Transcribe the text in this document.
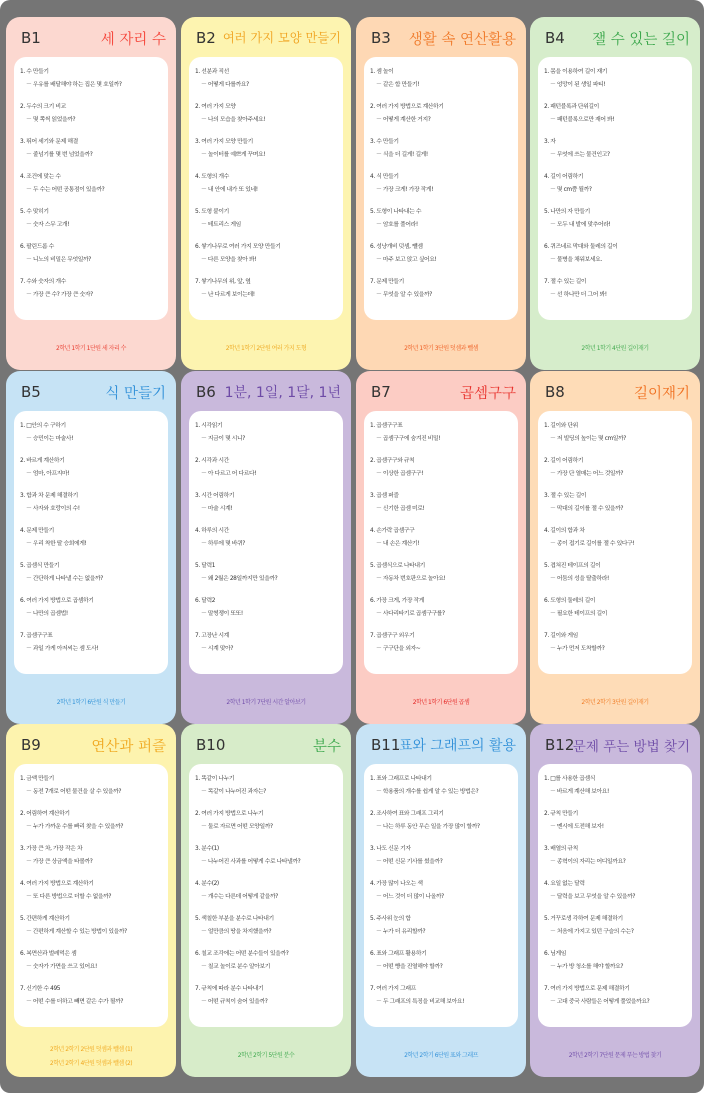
B1	세 자리 수
1. 수 만들기
－ 우유를 배달해야 하는 집은 몇 호일까?
2. 두수의 크기 비교
－ 몇 쪽씩 읽었을까?
3. 뛰어 세기와 문제 해결
－ 줄넘기를 몇 번 넘었을까?
4. 조건에 맞는 수
－ 두 수는 어떤 공통점이 있을까?
5. 수 맞히기
－ 숫자 스무 고개!
6. 팔린드롬 수
－ 니노의 비밀은 무엇일까?
7. 수와 숫자의 개수
－ 가장 큰 수? 가장 큰 숫자?
2학년 1학기 1단원 세 자리 수
B2 여러 가지 모양 만들기
1. 선분과 직선
－ 어떻게 다를까요?
2. 여러 가지 모양
－ 나의 모습을 찾아주세요!
3. 여러 가지 모양 만들기
－ 놀이터를 예쁘게 꾸며요!
4. 도형의 개수
－ 내 안에 내가 또 있네!
5. 도형 붙이기
－ 테트리스 게임
6. 쌓기나무로 여러 가지 모양 만들기
－ 다른 모양을 찾아 봐!
7. 쌓기나무의 위, 앞, 옆
－ 난 다르게 보이는데!
2학년 1학기 2단원 여러 가지 도형
B3 생활 속 연산활용
1. 셈 놀이
－ 같은 합 만들기!
2. 여러 가지 방법으로 계산하기
－ 어떻게 계산한 거지?
3. 수 만들기
－ 식을 더 길게! 길게!
4. 식 만들기
－ 가장 크게! 가장 작게!
5. 도형이 나타내는 수
－ 암호를 풀어라!
6. 성냥개비 덧셈, 뺄셈
－ 마주 보고 앉고 싶어요!
7. 문제 만들기
－ 무엇을 알 수 있을까?
2학년 1학기 3단원 덧셈과 뺄셈
B4 잴 수 있는 길이
1. 몸을 이용하여 길이 재기
－ 엉망이 된 생일 파티!
2. 패턴블록과 단위길이
－ 패턴블록으로만 재어 봐!
3. 자
－ 무엇에 쓰는 물건인고?
4. 길이 어림하기
－ 몇 cm쯤 될까?
5. 나만의 자 만들기
－ 모두 내 발에 맞추어라!
6. 퀴즈네르 막대와 둘레의 길이
－ 물병을 채워보세요.
7. 잴 수 있는 길이
－ 선 하나만 더 그어 봐!
2학년 1학기 4단원 길이재기
B5	식 만들기
1. □안의 수 구하기
－ 승민이는 마술사!
2. 바르게 계산하기
－ 엄마, 아프지마!
3. 합과 차 문제 해결하기
－ 사자와 호랑이의 수!
4. 문제 만들기
－ 우리 착한 딸 승희에게!
5. 곱셈식 만들기
－ 간단하게 나타낼 수는 없을까?
6. 여러 가지 방법으로 곱셈하기
－ 나만의 곱셈법!
7. 곱셈구구표
－ 과일 가게 아저씨는 셈 도사!
2학년 1학기 6단원 식 만들기
B6 1분, 1일, 1달, 1년
1. 시각읽기
－ 지금이 몇 시니?
2. 시각과 시간
－ 아 다르고 어 다르다!
3. 시간 어림하기
－ 마술 시계!
4. 하루의 시간
－ 하루에 몇 바퀴?
5. 달력1
－ 왜 2월은 28일까지만 있을까?
6. 달력2
－ 말썽쟁이 또또!
7. 고장난 시계
－ 시계 맞아?
2학년 1학기 7단원 시간 알아보기
B7	곱셈구구
1. 곱셈구구표
－ 곱셈구구에 숨겨진 비밀!
2. 곱셈구구와 규칙
－ 이상한 곱셈구구!
3. 곱셈 퍼즐
－ 신기한 곱셈 미로!
4. 손가락 곱셈구구
－ 내 손은 계산기!
5. 곱셈식으로 나타내기
－ 자동차 번호판으로 놀아요!
6. 가장 크게, 가장 작게
－ 사다리타기로 곱셈구구를?
7. 곱셈구구 외우기
－ 구구단을 외자~
2학년 1학기 6단원 곱셈
B8	길이재기
1. 길이와 단위
－ 저 빌딩의 높이는 몇 cm일까?
2. 길이 어림하기
－ 가장 단 열매는 어느 것일까?
3. 잴 수 있는 길이
－ 막대의 길이를 잴 수 있을까?
4. 길이의 합과 차
－ 종이 접기로 길이를 잴 수 있다구!
5. 겹쳐진 테이프의 길이
－ 어둠의 성을 탈출하라!
6. 도형의 둘레의 길이
－ 필요한 테이프의 길이
7. 길이와 게임
－ 누가 먼저 도착할까?
2학년 2학기 3단원 길이재기
B9	연산과 퍼즐
1. 금액 만들기
－ 동전 7개로 어떤 물건을 살 수 있을까?
2. 어림하여 계산하기
－ 누가 가까운 수를 빠리 찾을 수 있을까?
3. 가장 큰 차, 가장 작은 차
－ 가장 큰 상금액을 타볼까?
4. 여러 가지 방법으로 계산하기
－ 또 다른 방법으로 더할 수 없을까?
5. 간편하게 계산하기
－ 간편하게 계산할 수 있는 방법이 있을까?
6. 복면산과 벌레먹은 셈
－ 숫자가 가면을 쓰고 있어요!
7. 신기한 수 495
－ 어떤 수를 더하고 빼면 같은 수가 될까?
2학년 2학기 2단원 덧셈과 뺄셈 (1)
2학년 2학기 4단원 덧셈과 뺄셈 (2)
B10	분수
1. 똑같이 나누기
－ 똑같이 나누어진 과자는?
2. 여러 가지 방법으로 나누기
－ 둘로 자르면 어떤 모양일까?
3. 분수(1)
－ 나누어진 사과를 어떻게 수로 나타낼까?
4. 분수(2)
－ 개수는 다른데 어떻게 같을까?
5. 색칠한 부분을 분수로 나타내기
－ 얼만큼의 땅을 차지했을까?
6. 칠교 조각에는 어떤 분수들이 있을까?
－ 칠교 놀이로 분수 알아보기
7. 규칙에 따라 분수 나타내기
－ 어떤 규칙이 숨어 있을까?
2학년 2학기 5단원 분수
B11
표와 그래프의 활용
1. 표와 그래프로 나타내기
－ 학용품의 개수를 쉽게 알 수 있는 방법은?
2. 조사하여 표와 그래프 그리기
－ 나는 하루 동안 무슨 일을 가장 많이 할까?
3. 나도 신문 기자
－ 어떤 신문 기사를 썼을까?
4. 가장 많이 나오는 색
－ 어느 것이 더 많이 나올까?
5. 주사위 눈의 합
－ 누가 더 유리할까?
6. 표와 그래프 활용하기
－ 어떤 빵을 진열해야 할까?
7. 여러 가지 그래프
－ 두 그래프의 특징을 비교해 보아요!
2학년 2학기 6단원 표와 그래프
B12
문제 푸는 방법 찾기
1. □를 사용한 곱셈식
－ 바르게 계산해 보아요!
2. 규칙 만들기
－ 멘시에 도전해 보자!
3. 배열의 규칙
－ 종혁이의 자리는 어디일까요?
4. 요일 없는 달력
－ 달력을 보고 무엇을 알 수 있을까?
5. 거꾸로생 각하여 문제 해결하기
－ 처음에 가지고 있던 구슬의 수는?
6. 님게임
－ 누가 방 청소를 해야 할까요?
7. 여러 가지 방법으로 문제 해결하기
－ 고대 중국 사람들은 어떻게 풀었을까요?
2학년 2학기 7단원 문제 푸는 방법 찾기
